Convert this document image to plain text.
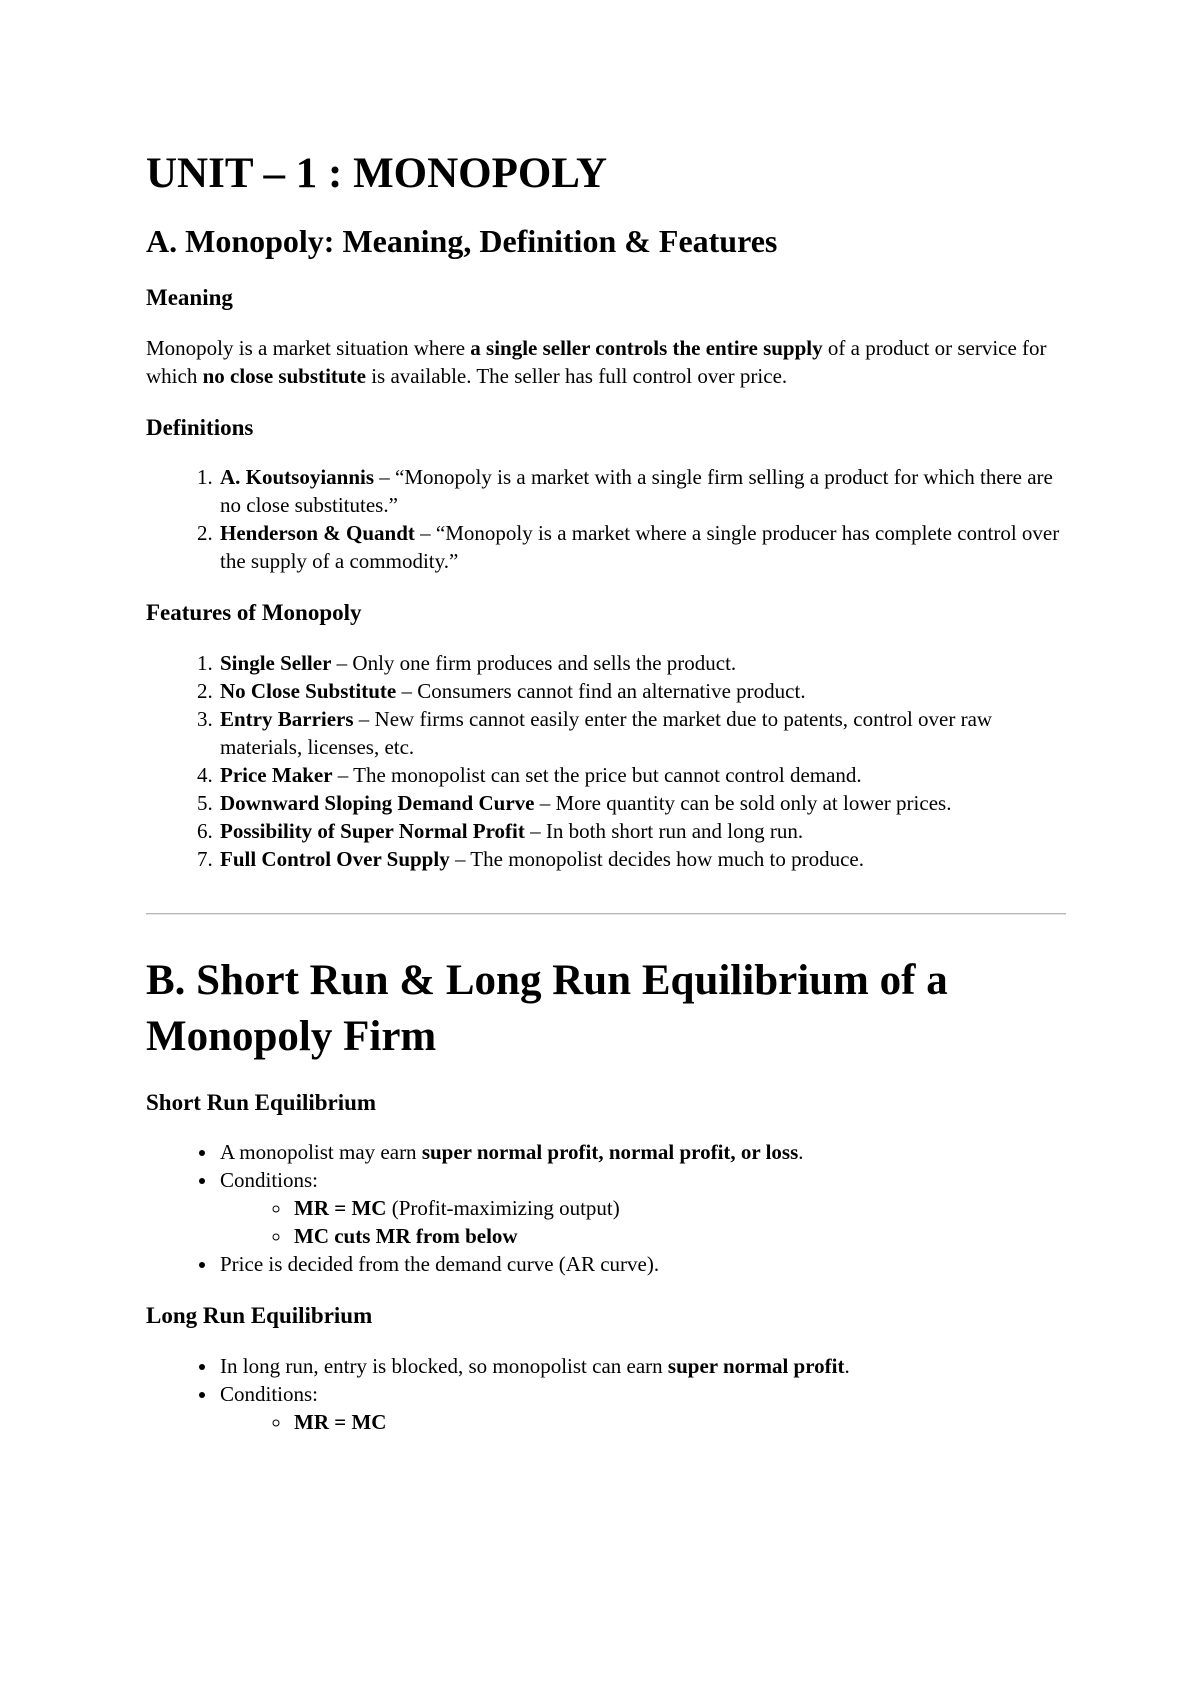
UNIT – 1 : MONOPOLY
A. Monopoly: Meaning, Definition & Features
Meaning

Monopoly is a market situation where a single seller controls the entire supply of a product or service for which no close substitute is available. The seller has full control over price.

Definitions
1. A. Koutsoyiannis – “Monopoly is a market with a single firm selling a product for which there are no close substitutes.”
2. Henderson & Quandt – “Monopoly is a market where a single producer has complete control over the supply of a commodity.”
Features of Monopoly
1. Single Seller – Only one firm produces and sells the product.
2. No Close Substitute – Consumers cannot find an alternative product.
3. Entry Barriers – New firms cannot easily enter the market due to patents, control over raw materials, licenses, etc.
4. Price Maker – The monopolist can set the price but cannot control demand.
5. Downward Sloping Demand Curve – More quantity can be sold only at lower prices.
6. Possibility of Super Normal Profit – In both short run and long run.
7. Full Control Over Supply – The monopolist decides how much to produce.
B. Short Run & Long Run Equilibrium of a Monopoly Firm
Short Run Equilibrium
• A monopolist may earn super normal profit, normal profit, or loss.
• Conditions:
◦ MR = MC (Profit-maximizing output)
◦ MC cuts MR from below
• Price is decided from the demand curve (AR curve).
Long Run Equilibrium
• In long run, entry is blocked, so monopolist can earn super normal profit.
• Conditions:
◦ MR = MC
